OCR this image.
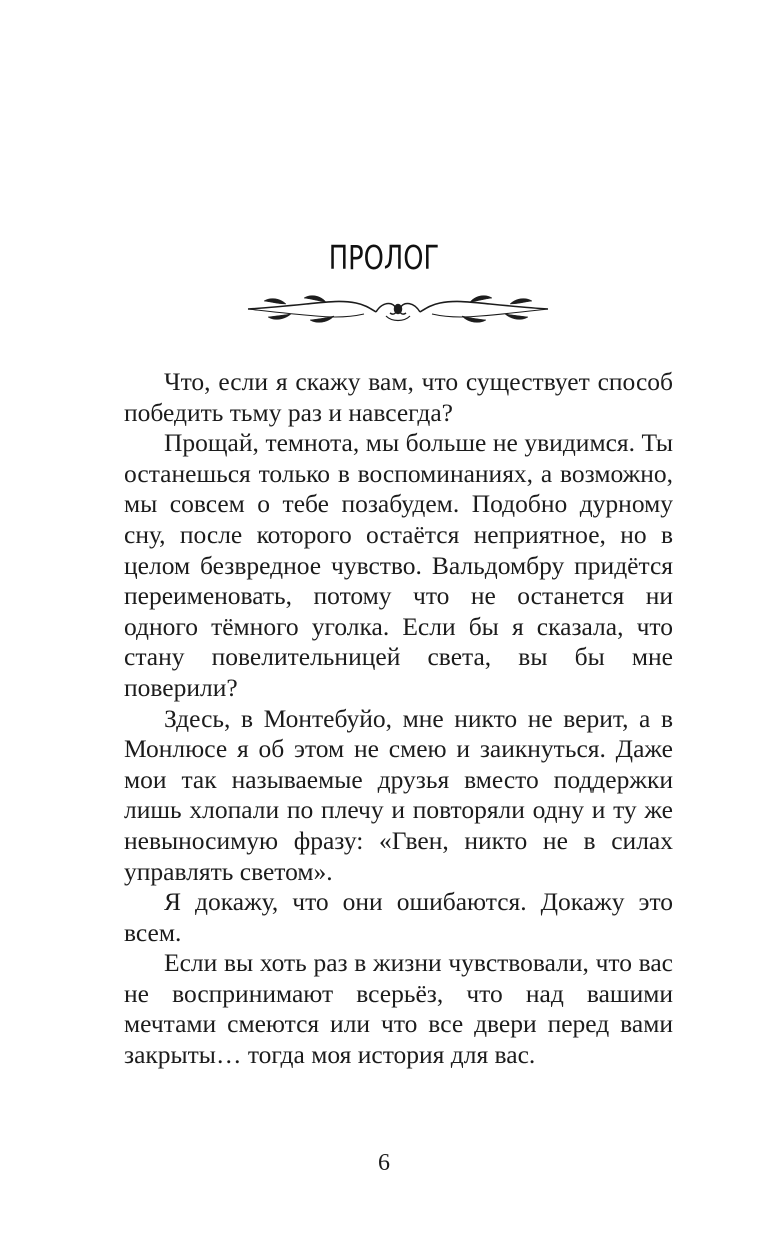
ПРОЛОГ

Что, если я скажу вам, что существует способ победить тьму раз и навсегда?

Прощай, темнота, мы больше не увидимся. Ты останешься только в воспоминаниях, а возможно, мы совсем о тебе позабудем. Подобно дурному сну, после которого остаётся неприятное, но в целом безвредное чувство. Вальдомбру придётся переименовать, потому что не останется ни одного тёмного уголка. Если бы я сказала, что стану повелительницей света, вы бы мне поверили?

Здесь, в Монтебуйо, мне никто не верит, а в Монлюсе я об этом не смею и заикнуться. Даже мои так называемые друзья вместо поддержки лишь хлопали по плечу и повторяли одну и ту же невыносимую фразу: «Гвен, никто не в силах управлять светом».

Я докажу, что они ошибаются. Докажу это всем.

Если вы хоть раз в жизни чувствовали, что вас не воспринимают всерьёз, что над вашими мечтами смеются или что все двери перед вами закрыты… тогда моя история для вас.

6
